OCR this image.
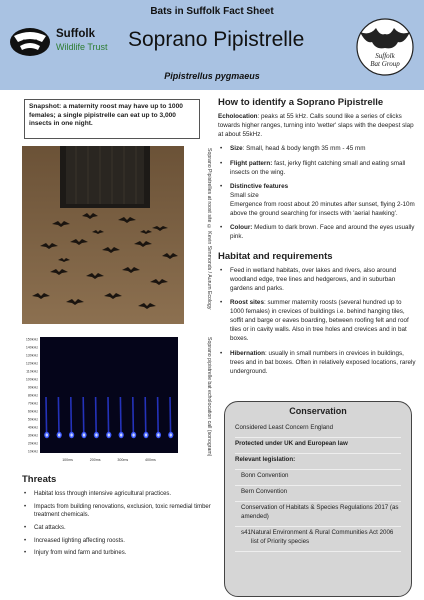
Bats in Suffolk Fact Sheet
Suffolk
Wildlife Trust Soprano Pipistrelle
Pipistrellus pygmaeus
Suffolk
Bat Group
Snapshot: a maternity roost may have up to 1000 females; a single pipistrelle can eat up to 3,000 insects in one night.
Soprano Pipistrelles at roost site © Kevin Simmonds / Aurum Ecology
150kHz
140kHz
130kHz
120kHz
110kHz
100kHz
90kHz
80kHz
70kHz
60kHz
50kHz
40kHz
30kHz
20kHz
10kHz
100ms	200ms	300ms	400ms
Soprano pipistrelle bat echolocation call (sonogram)
Threats
• Habitat loss through intensive agricultural practices.
• Impacts from building renovations, exclusion, toxic remedial timber treatment chemicals.
• Cat attacks.
• Increased lighting affecting roosts.
• Injury from wind farm and turbines.
How to identify a Soprano Pipistrelle

Echolocation: peaks at 55 kHz. Calls sound like a series of clicks towards higher ranges, turning into 'wetter' slaps with the deepest slap at about 55kHz.

• Size: Small, head & body length 35 mm - 45 mm
• Flight pattern: fast, jerky flight catching small and eating small insects on the wing.
• Distinctive features
Small size
Emergence from roost about 20 minutes after sunset, flying 2-10m above the ground searching for insects with 'aerial hawking'.
• Colour: Medium to dark brown. Face and around the eyes usually pink.
Habitat and requirements
• Feed in wetland habitats, over lakes and rivers, also around woodland edge, tree lines and hedgerows, and in suburban gardens and parks.
• Roost sites: summer maternity roosts (several hundred up to 1000 females) in crevices of buildings i.e. behind hanging tiles, soffit and barge or eaves boarding, between roofing felt and roof tiles or in cavity walls. Also in tree holes and crevices and in bat boxes.
• Hibernation: usually in small numbers in crevices in buildings, trees and in bat boxes. Often in relatively exposed locations, rarely underground.
Conservation
Considered Least Concern England
Protected under UK and European law
Relevant legislation:
Bonn Convention
Bern Convention
Conservation of Habitats & Species Regulations 2017 (as amended)
s41Natural Environment & Rural Communities Act 2006 list of Priority species
